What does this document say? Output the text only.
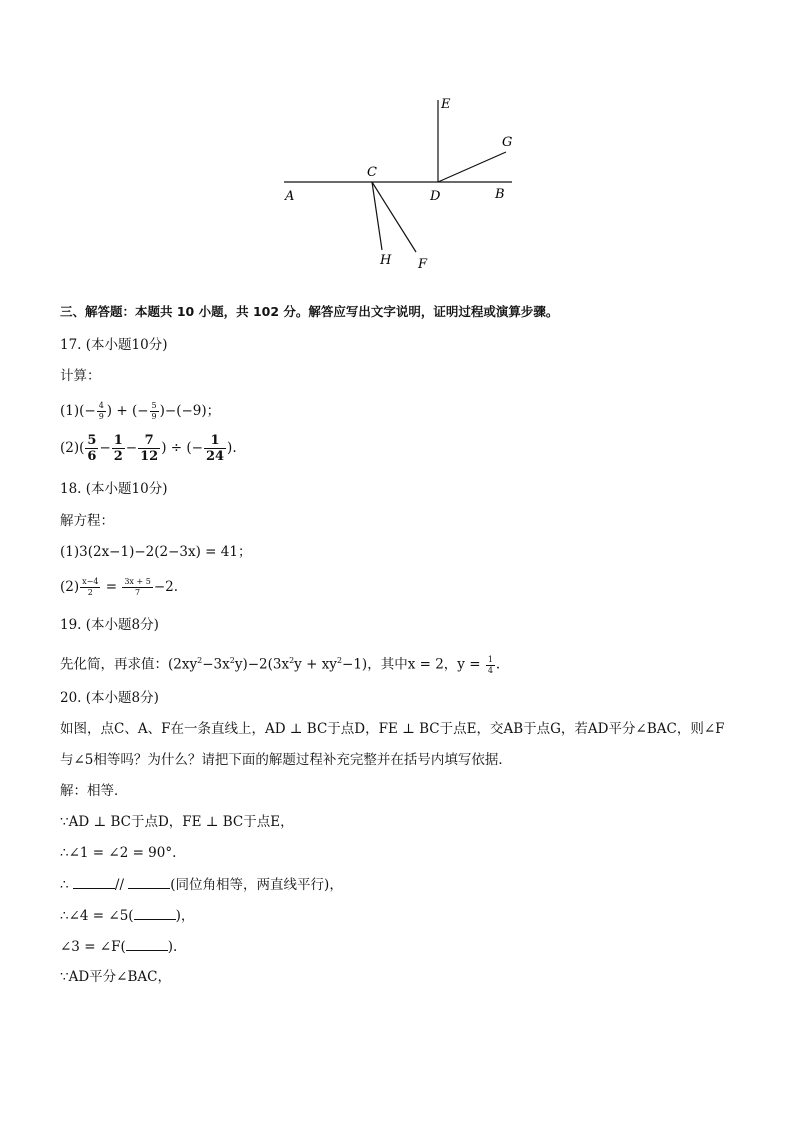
E
G
C
A	D	B
H F
三、解答题：本题共 10 小题，共 102 分。解答应写出文字说明，证明过程或演算步骤。
17. (本小题10分)
计算：
$(1)(- \frac{4}{9}$ ) + (− $\frac{5}{9} )-(-9)$；
$(2)( \frac{5}{6} - \frac{1}{2} - \frac{7}{12}$ ) ÷ (− $\frac{1}{24}$ ).
18. (本小题10分)
解方程：
(1)3(2x−1)−2(2−3x) = 41；
$(2) \frac{x-4}{2} = \frac{3x + 5}{7} -2$.
19. (本小题8分)
先化简，再求值：$(2xy^2-3x^2y)-2(3x^2y + xy^2-1)$，其中x = 2，$y = \frac{1}{4}$ .
20. (本小题8分)
如图，点C、A、F在一条直线上，AD ⊥ BC于点D，FE ⊥ BC于点E，交AB于点G，若AD平分∠BAC，则∠F
与∠5相等吗？为什么？请把下面的解题过程补充完整并在括号内填写依据．
解：相等．
∵AD ⊥ BC于点D，FE ⊥ BC于点E，
∴∠1 = ∠2 = 90°.
∴	//	(同位角相等，两直线平行)，
∴∠4 = ∠5(	)，
∠3 = ∠F(	).
∵AD平分∠BAC，
